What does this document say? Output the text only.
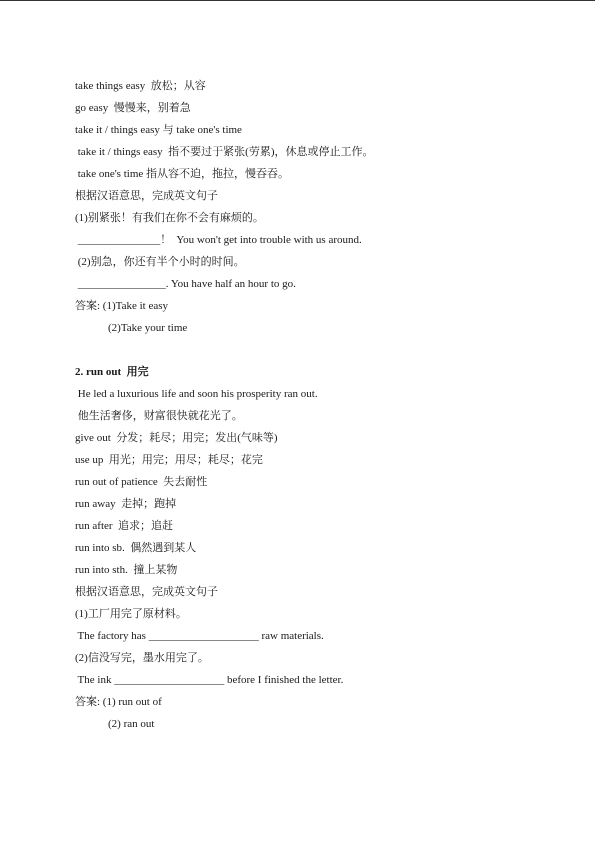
take things easy  放松；从容
go easy  慢慢来，别着急
take it / things easy 与 take one's time
take it / things easy  指不要过于紧张(劳累)，休息或停止工作。
take one's time 指从容不迫，拖拉，慢吞吞。
根据汉语意思，完成英文句子
(1)别紧张！有我们在你不会有麻烦的。
_______________！  You won't get into trouble with us around.
(2)别急，你还有半个小时的时间。
________________. You have half an hour to go.
答案: (1)Take it easy
(2)Take your time
2. run out  用完
He led a luxurious life and soon his prosperity ran out.
他生活奢侈，财富很快就花光了。
give out  分发；耗尽；用完；发出(气味等)
use up  用光；用完；用尽；耗尽；花完
run out of patience  失去耐性
run away  走掉；跑掉
run after  追求；追赶
run into sb.  偶然遇到某人
run into sth.  撞上某物
根据汉语意思，完成英文句子
(1)工厂用完了原材料。
The factory has ____________________ raw materials.
(2)信没写完，墨水用完了。
The ink ____________________ before I finished the letter.
答案: (1) run out of
(2) ran out
